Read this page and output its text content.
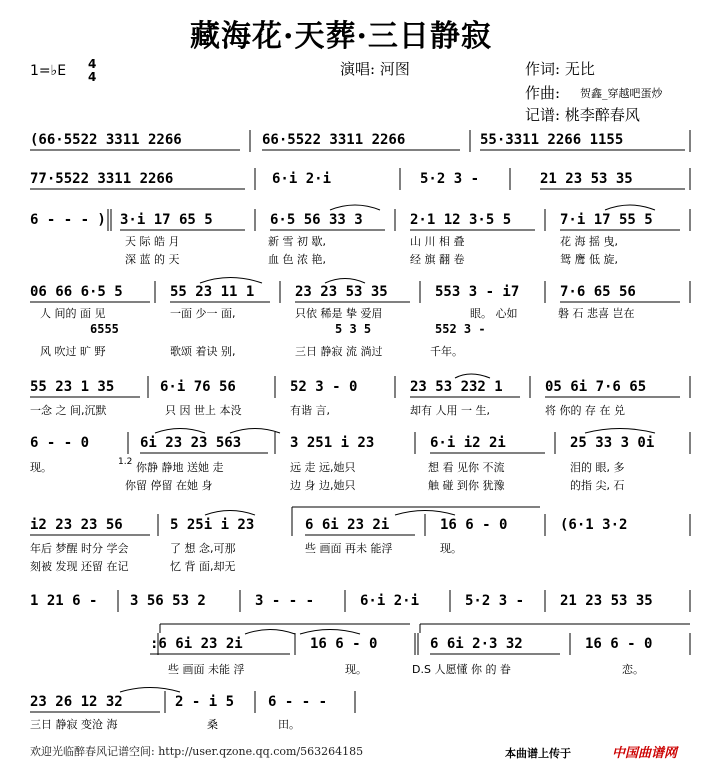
藏海花·天葬·三日静寂
1=♭E 4
4	演唱: 河图	作词: 无比
作曲: 贺鑫_穿越吧蛋炒
记谱: 桃李醉春风
(66·5522 3311 2266	66·5522 3311 2266	55·3311 2266 1155
77·5522 3311 2266	6·i 2·i	5·2 3 -	21 23 53 35
6 - - - ) 3·i 17 65 5	6·5 56 33 3	2·1 12 3·5 5	7·i 17 55 5
天 际 皓 月	新 雪 初 歇,	山 川 相 叠	花 海 摇 曳,
深 蓝 的 天	血 色 浓 艳,	经 旗 翻 卷	鸳 鹰 低 旋,
06 66 6·5 5	55 23 11 1	23 23 53 35	553 3 - i7	7·6 65 56
人 间的 面 见	一面 少一 面,	只依 稀是 挚 爱眉	眼。 心如	磐 石 悲喜 岂在
6555	5 3 5	552 3 -
风 吹过 旷 野	歌颂 着诀 别,	三日 静寂 流 淌过	千年。
55 23 1 35	6·i 76 56	52 3 - 0	23 53 232 1	05 6i 7·6 65
一念 之 间,沉默	只 因 世上 本没	有谐 言,	却有 人用 一 生,	将 你的 存 在 兑
6 - - 0	6i 23 23 563	3 251 i 23	6·i i2 2i	25 33 3 0i
现。	1.2 你静 静地 送她 走	远 走 远,她只	想 看 见你 不流	泪的 眼, 多
你留 停留 在她 身	边 身 边,她只	触 碰 到你 犹豫	的指 尖, 石
i2 23 23 56	5 25i i 23	6 6i 23 2i	16 6 - 0	(6·1 3·2
年后 梦醒 时分 学会	了 想 念,可那	些 画面 再未 能浮	现。
刻被 发现 还留 在记	忆 背 面,却无
1 21 6 - 3 56 53 2	3 - - -	6·i 2·i	5·2 3 -	21 23 53 35
:6 6i 23 2i	16 6 - 0	6 6i 2·3 32	16 6 - 0
些 画面 未能 浮	现。	D.S 人愿懂 你 的 眷	恋。
23 26 12 32	2 - i 5 6 - - -
三日 静寂 变沧 海	桑	田。
欢迎光临醉春风记谱空间: http://user.qzone.qq.com/563264185	本曲谱上传于	中国曲谱网
